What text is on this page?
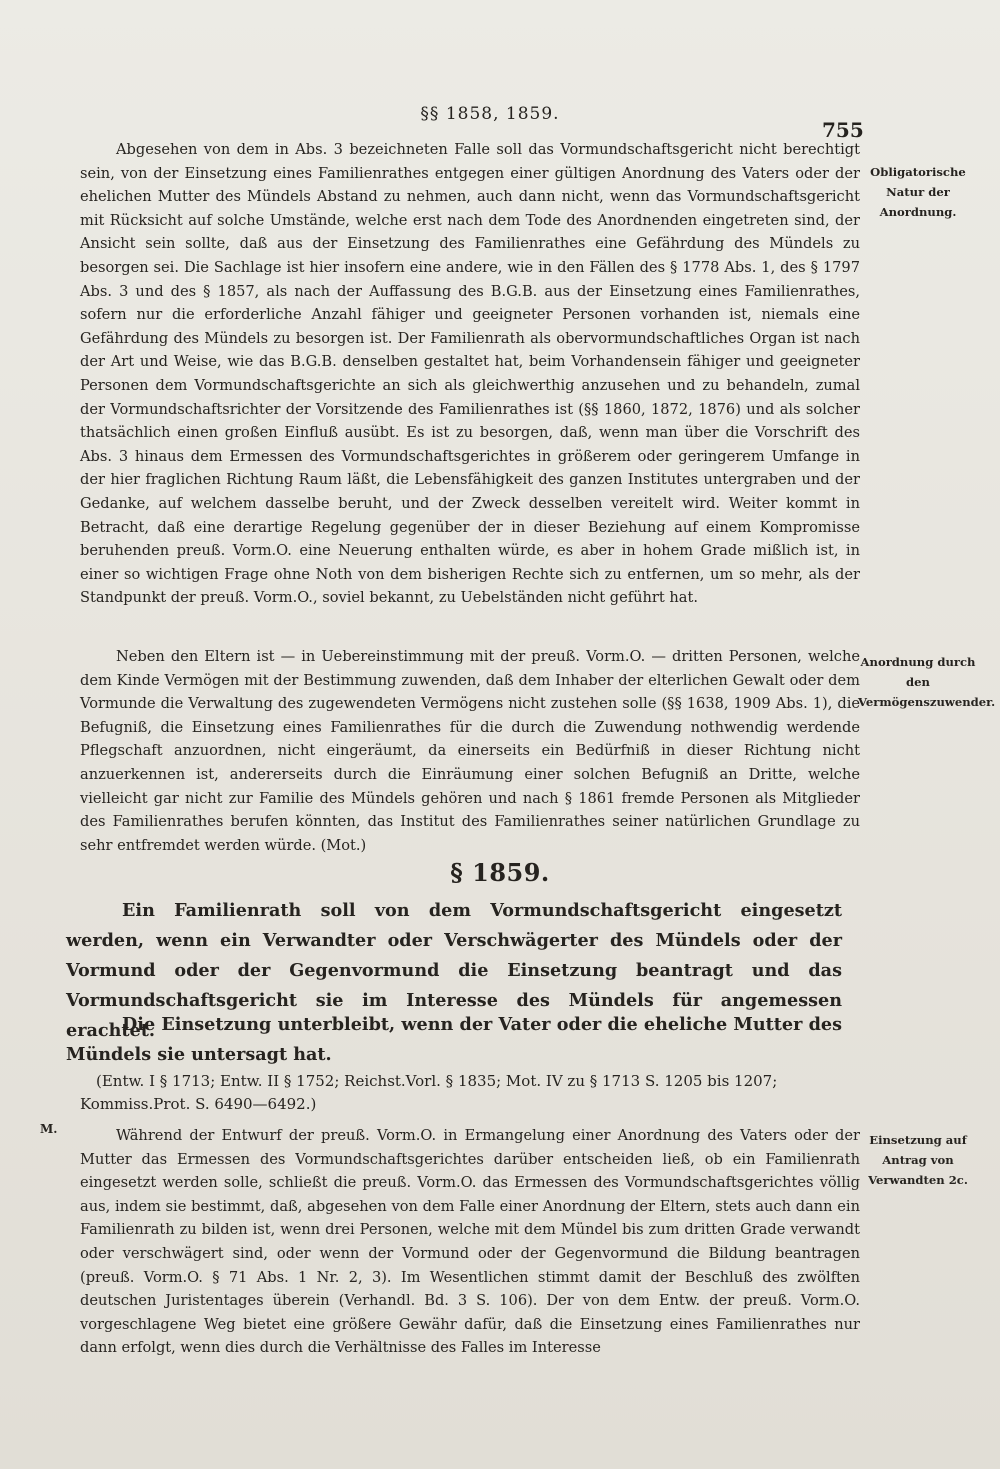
§§ 1858, 1859.
755

Abgesehen von dem in Abs. 3 bezeichneten Falle soll das Vormundschaftsgericht nicht berechtigt sein, von der Einsetzung eines Familienrathes entgegen einer gültigen Anordnung des Vaters oder der ehelichen Mutter des Mündels Abstand zu nehmen, auch dann nicht, wenn das Vormundschaftsgericht mit Rücksicht auf solche Umstände, welche erst nach dem Tode des Anordnenden eingetreten sind, der Ansicht sein sollte, daß aus der Einsetzung des Familienrathes eine Gefährdung des Mündels zu besorgen sei. Die Sachlage ist hier insofern eine andere, wie in den Fällen des § 1778 Abs. 1, des § 1797 Abs. 3 und des § 1857, als nach der Auffassung des B.G.B. aus der Einsetzung eines Familienrathes, sofern nur die erforderliche Anzahl fähiger und geeigneter Personen vorhanden ist, niemals eine Gefährdung des Mündels zu besorgen ist. Der Familienrath als obervormundschaftliches Organ ist nach der Art und Weise, wie das B.G.B. denselben gestaltet hat, beim Vorhandensein fähiger und geeigneter Personen dem Vormundschaftsgerichte an sich als gleichwerthig anzusehen und zu behandeln, zumal der Vormundschaftsrichter der Vorsitzende des Familienrathes ist (§§ 1860, 1872, 1876) und als solcher thatsächlich einen großen Einfluß ausübt. Es ist zu besorgen, daß, wenn man über die Vorschrift des Abs. 3 hinaus dem Ermessen des Vormundschaftsgerichtes in größerem oder geringerem Umfange in der hier fraglichen Richtung Raum läßt, die Lebensfähigkeit des ganzen Institutes untergraben und der Gedanke, auf welchem dasselbe beruht, und der Zweck desselben vereitelt wird. Weiter kommt in Betracht, daß eine derartige Regelung gegenüber der in dieser Beziehung auf einem Kompromisse beruhenden preuß. Vorm.O. eine Neuerung enthalten würde, es aber in hohem Grade mißlich ist, in einer so wichtigen Frage ohne Noth von dem bisherigen Rechte sich zu entfernen, um so mehr, als der Standpunkt der preuß. Vorm.O., soviel bekannt, zu Uebelständen nicht geführt hat.

Obligatorische Natur der Anordnung.

Neben den Eltern ist — in Uebereinstimmung mit der preuß. Vorm.O. — dritten Personen, welche dem Kinde Vermögen mit der Bestimmung zuwenden, daß dem Inhaber der elterlichen Gewalt oder dem Vormunde die Verwaltung des zugewendeten Vermögens nicht zustehen solle (§§ 1638, 1909 Abs. 1), die Befugniß, die Einsetzung eines Familienrathes für die durch die Zuwendung nothwendig werdende Pflegschaft anzuordnen, nicht eingeräumt, da einerseits ein Bedürfniß in dieser Richtung nicht anzuerkennen ist, andererseits durch die Einräumung einer solchen Befugniß an Dritte, welche vielleicht gar nicht zur Familie des Mündels gehören und nach § 1861 fremde Personen als Mitglieder des Familienrathes berufen könnten, das Institut des Familienrathes seiner natürlichen Grundlage zu sehr entfremdet werden würde. (Mot.)

Anordnung durch den Vermögenszuwender.
§ 1859.
Ein Familienrath soll von dem Vormundschaftsgericht eingesetzt werden, wenn ein Verwandter oder Verschwägerter des Mündels oder der Vormund oder der Gegenvormund die Einsetzung beantragt und das Vormundschaftsgericht sie im Interesse des Mündels für angemessen erachtet.
Die Einsetzung unterbleibt, wenn der Vater oder die eheliche Mutter des Mündels sie untersagt hat.
(Entw. I § 1713; Entw. II § 1752; Reichst.Vorl. § 1835; Mot. IV zu § 1713 S. 1205 bis 1207; Kommiss.Prot. S. 6490—6492.)
M.	Während der Entwurf der preuß. Vorm.O. in Ermangelung einer Anordnung des Vaters oder der Mutter das Ermessen des Vormundschaftsgerichtes darüber entscheiden ließ, ob ein Familienrath eingesetzt werden solle, schließt die preuß. Vorm.O. das Ermessen des Vormundschaftsgerichtes völlig aus, indem sie bestimmt, daß, abgesehen von dem Falle einer Anordnung der Eltern, stets auch dann ein Familienrath zu bilden ist, wenn drei Personen, welche mit dem Mündel bis zum dritten Grade verwandt oder verschwägert sind, oder wenn der Vormund oder der Gegenvormund die Bildung beantragen (preuß. Vorm.O. § 71 Abs. 1 Nr. 2, 3). Im Wesentlichen stimmt damit der Beschluß des zwölften deutschen Juristentages überein (Verhandl. Bd. 3 S. 106). Der von dem Entw. der preuß. Vorm.O. vorgeschlagene Weg bietet eine größere Gewähr dafür, daß die Einsetzung eines Familienrathes nur dann erfolgt, wenn dies durch die Verhältnisse des Falles im Interesse

Einsetzung auf Antrag von Verwandten 2c.
